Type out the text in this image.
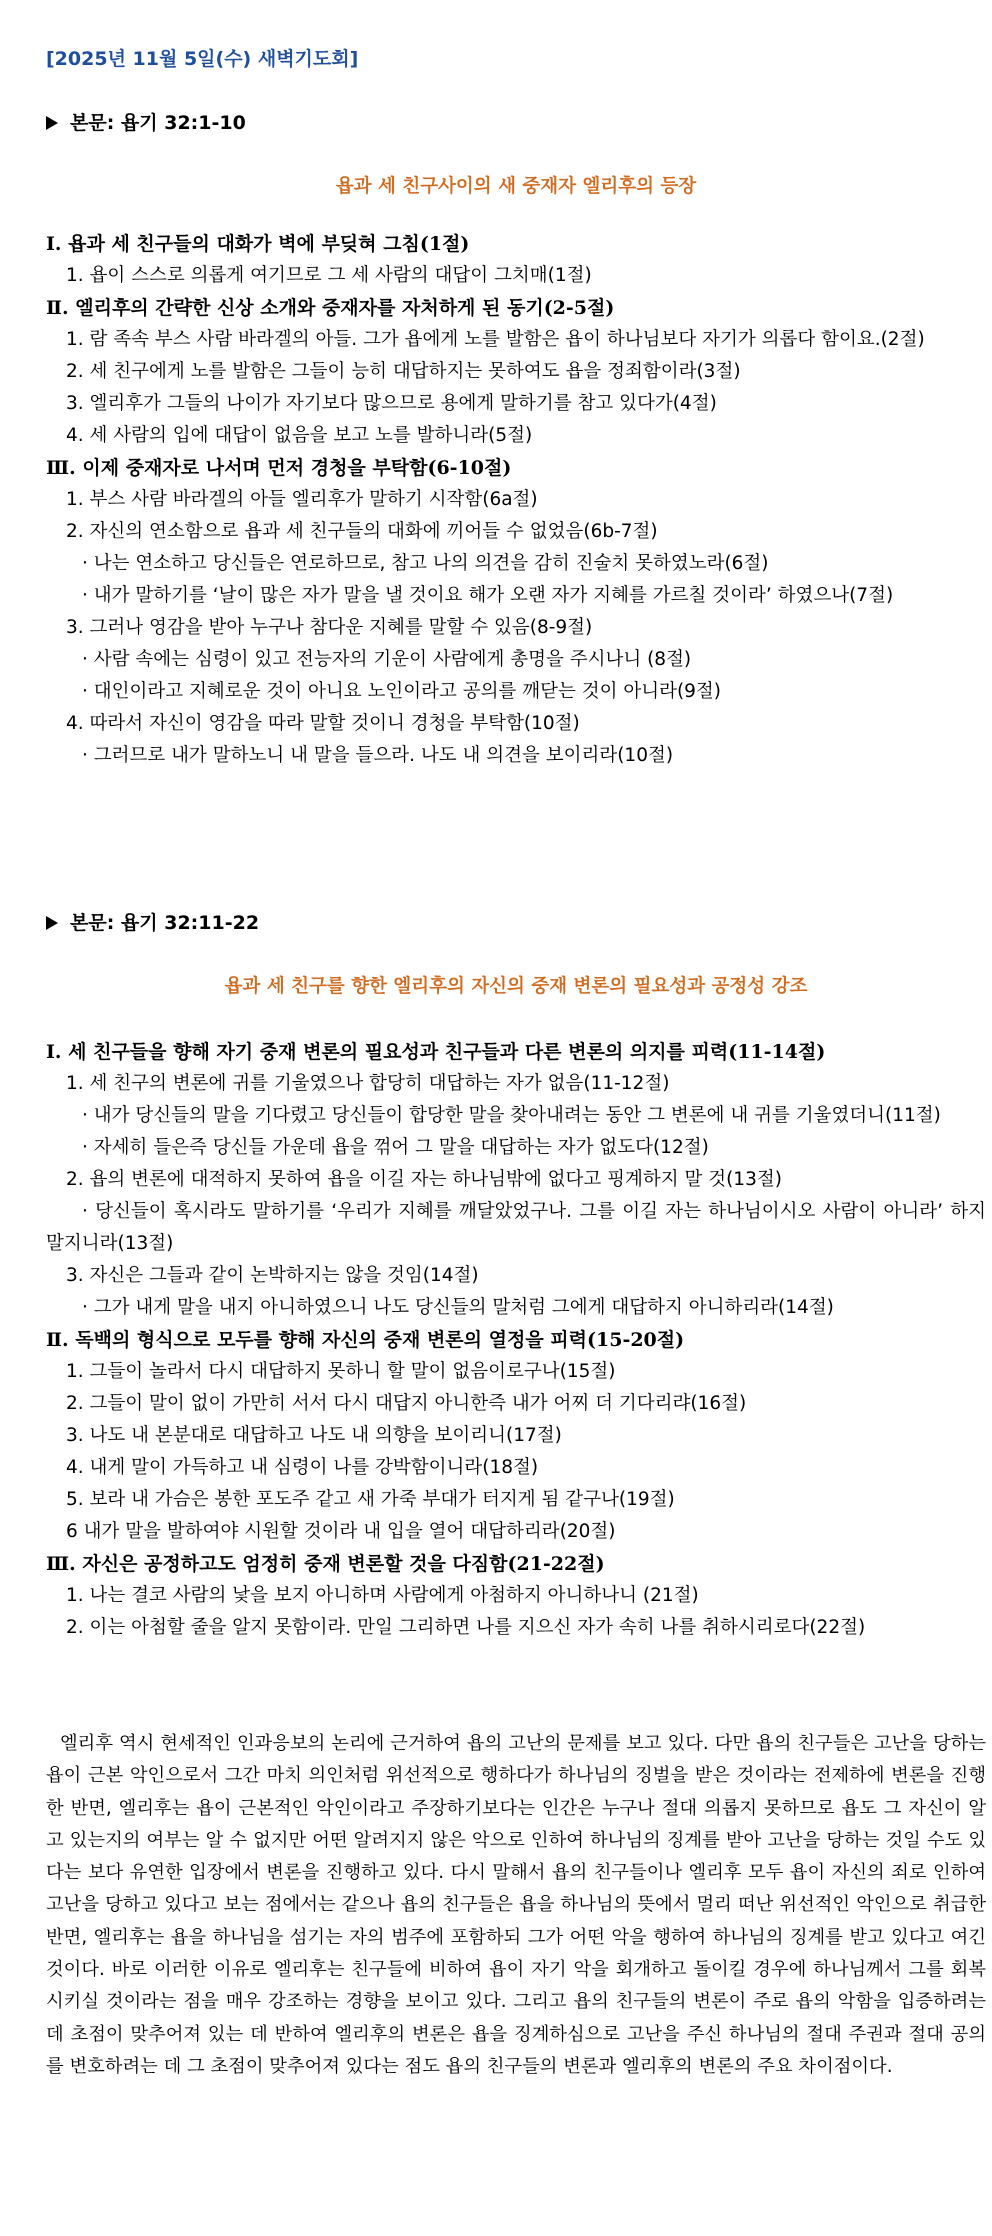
[2025년 11월 5일(수) 새벽기도회]
본문: 욥기 32:1-10
욥과 세 친구사이의 새 중재자 엘리후의 등장
Ⅰ. 욥과 세 친구들의 대화가 벽에 부딪혀 그침(1절)
1. 욥이 스스로 의롭게 여기므로 그 세 사람의 대답이 그치매(1절)
Ⅱ. 엘리후의 간략한 신상 소개와 중재자를 자처하게 된 동기(2-5절)
1. 람 족속 부스 사람 바라겔의 아들. 그가 욥에게 노를 발함은 욥이 하나님보다 자기가 의롭다 함이요.(2절)
2. 세 친구에게 노를 발함은 그들이 능히 대답하지는 못하여도 욥을 정죄함이라(3절)
3. 엘리후가 그들의 나이가 자기보다 많으므로 용에게 말하기를 참고 있다가(4절)
4. 세 사람의 입에 대답이 없음을 보고 노를 발하니라(5절)
Ⅲ. 이제 중재자로 나서며 먼저 경청을 부탁함(6-10절)
1. 부스 사람 바라겔의 아들 엘리후가 말하기 시작함(6a절)
2. 자신의 연소함으로 욥과 세 친구들의 대화에 끼어들 수 없었음(6b-7절)
· 나는 연소하고 당신들은 연로하므로, 참고 나의 의견을 감히 진술치 못하였노라(6절)
· 내가 말하기를 ‘날이 많은 자가 말을 낼 것이요 해가 오랜 자가 지혜를 가르칠 것이라’ 하였으나(7절)
3. 그러나 영감을 받아 누구나 참다운 지혜를 말할 수 있음(8-9절)
· 사람 속에는 심령이 있고 전능자의 기운이 사람에게 총명을 주시나니 (8절)
· 대인이라고 지혜로운 것이 아니요 노인이라고 공의를 깨닫는 것이 아니라(9절)
4. 따라서 자신이 영감을 따라 말할 것이니 경청을 부탁함(10절)
· 그러므로 내가 말하노니 내 말을 들으라. 나도 내 의견을 보이리라(10절)
본문: 욥기 32:11-22
욥과 세 친구를 향한 엘리후의 자신의 중재 변론의 필요성과 공정성 강조
Ⅰ. 세 친구들을 향해 자기 중재 변론의 필요성과 친구들과 다른 변론의 의지를 피력(11-14절)
1. 세 친구의 변론에 귀를 기울였으나 합당히 대답하는 자가 없음(11-12절)
· 내가 당신들의 말을 기다렸고 당신들이 합당한 말을 찾아내려는 동안 그 변론에 내 귀를 기울였더니(11절)
· 자세히 들은즉 당신들 가운데 욥을 꺾어 그 말을 대답하는 자가 없도다(12절)
2. 욥의 변론에 대적하지 못하여 욥을 이길 자는 하나님밖에 없다고 핑계하지 말 것(13절)
· 당신들이 혹시라도 말하기를 ‘우리가 지혜를 깨달았었구나. 그를 이길 자는 하나님이시오 사람이 아니라’ 하지 말지니라(13절)
3. 자신은 그들과 같이 논박하지는 않을 것임(14절)
· 그가 내게 말을 내지 아니하였으니 나도 당신들의 말처럼 그에게 대답하지 아니하리라(14절)
Ⅱ. 독백의 형식으로 모두를 향해 자신의 중재 변론의 열정을 피력(15-20절)
1. 그들이 놀라서 다시 대답하지 못하니 할 말이 없음이로구나(15절)
2. 그들이 말이 없이 가만히 서서 다시 대답지 아니한즉 내가 어찌 더 기다리랴(16절)
3. 나도 내 본분대로 대답하고 나도 내 의향을 보이리니(17절)
4. 내게 말이 가득하고 내 심령이 나를 강박함이니라(18절)
5. 보라 내 가슴은 봉한 포도주 같고 새 가죽 부대가 터지게 됨 같구나(19절)
6 내가 말을 발하여야 시원할 것이라 내 입을 열어 대답하리라(20절)
Ⅲ. 자신은 공정하고도 엄정히 중재 변론할 것을 다짐함(21-22절)
1. 나는 결코 사람의 낯을 보지 아니하며 사람에게 아첨하지 아니하나니 (21절)
2. 이는 아첨할 줄을 알지 못함이라. 만일 그리하면 나를 지으신 자가 속히 나를 취하시리로다(22절)
엘리후 역시 현세적인 인과응보의 논리에 근거하여 욥의 고난의 문제를 보고 있다. 다만 욥의 친구들은 고난을 당하는 욥이 근본 악인으로서 그간 마치 의인처럼 위선적으로 행하다가 하나님의 징벌을 받은 것이라는 전제하에 변론을 진행한 반면, 엘리후는 욥이 근본적인 악인이라고 주장하기보다는 인간은 누구나 절대 의롭지 못하므로 욥도 그 자신이 알고 있는지의 여부는 알 수 없지만 어떤 알려지지 않은 악으로 인하여 하나님의 징계를 받아 고난을 당하는 것일 수도 있다는 보다 유연한 입장에서 변론을 진행하고 있다. 다시 말해서 욥의 친구들이나 엘리후 모두 욥이 자신의 죄로 인하여 고난을 당하고 있다고 보는 점에서는 같으나 욥의 친구들은 욥을 하나님의 뜻에서 멀리 떠난 위선적인 악인으로 취급한 반면, 엘리후는 욥을 하나님을 섬기는 자의 범주에 포함하되 그가 어떤 악을 행하여 하나님의 징계를 받고 있다고 여긴 것이다. 바로 이러한 이유로 엘리후는 친구들에 비하여 욥이 자기 악을 회개하고 돌이킬 경우에 하나님께서 그를 회복시키실 것이라는 점을 매우 강조하는 경향을 보이고 있다. 그리고 욥의 친구들의 변론이 주로 욥의 악함을 입증하려는 데 초점이 맞추어져 있는 데 반하여 엘리후의 변론은 욥을 징계하심으로 고난을 주신 하나님의 절대 주권과 절대 공의를 변호하려는 데 그 초점이 맞추어져 있다는 점도 욥의 친구들의 변론과 엘리후의 변론의 주요 차이점이다.
